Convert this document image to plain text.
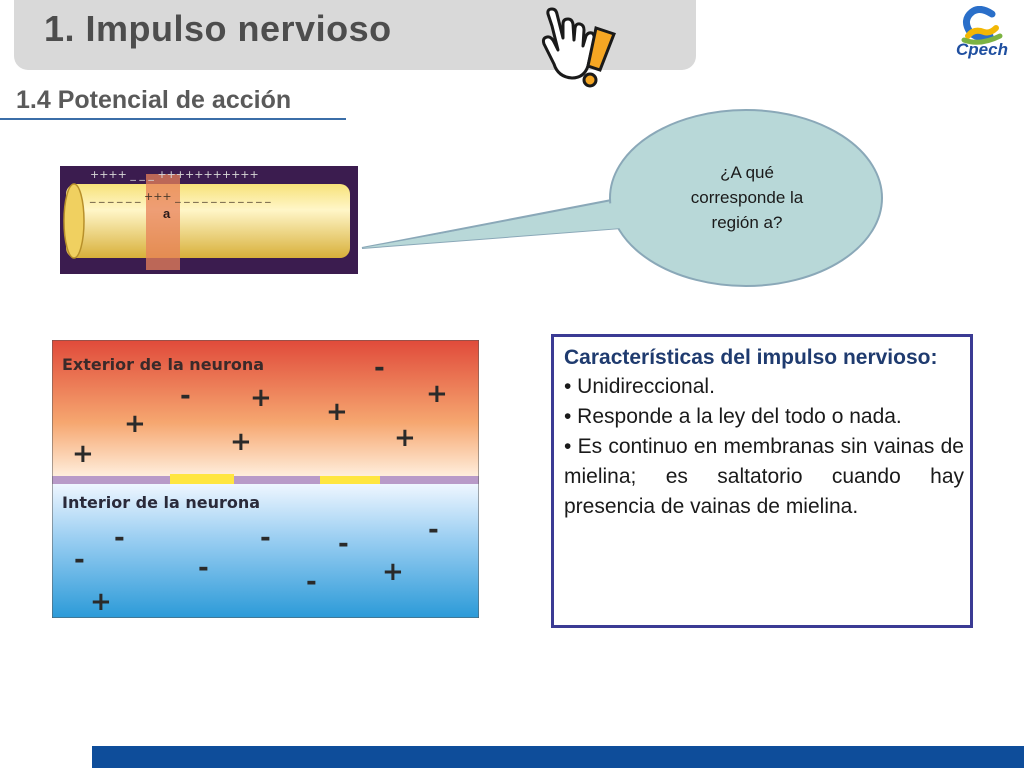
1. Impulso nervioso
Cpech
1.4 Potencial de acción
++++ _ _ _ +++++++++++
_ _ _ _ _ _ +++ _ _ _ _ _ _ _ _ _ _ _
a
¿A qué
corresponde la
región a?
Exterior de la neurona
Interior de la neurona
-
- +	+
+
+
+	+
+
-
-	-	-
-	-	+
-
+
Características del impulso nervioso:
• Unidireccional.
• Responde a la ley del todo o nada.
• Es continuo en membranas sin vainas de mielina; es saltatorio cuando hay presencia de vainas de mielina.
